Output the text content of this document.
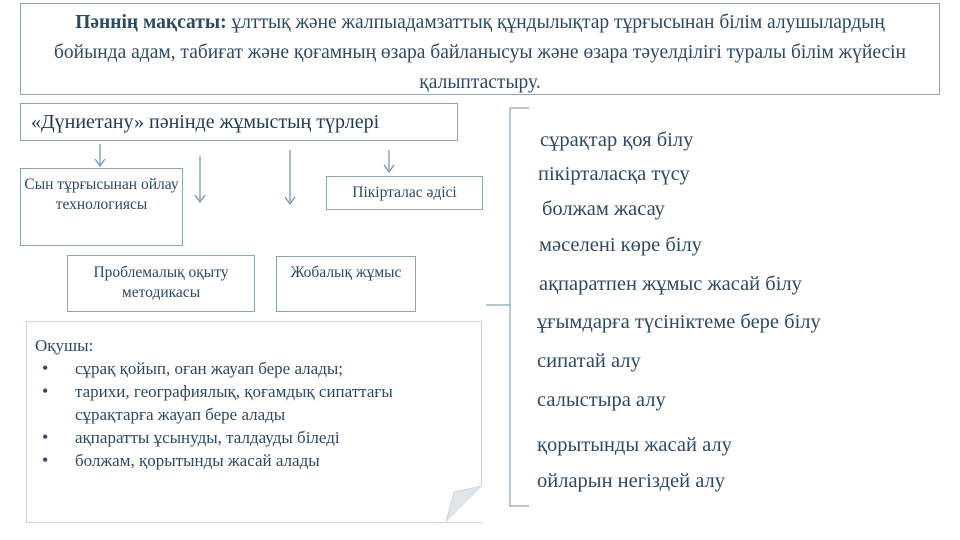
Пәннің мақсаты: ұлттық және жалпыадамзаттық құндылықтар тұрғысынан білім алушылардың бойында адам, табиғат және қоғамның өзара байланысуы және өзара тәуелділігі туралы білім жүйесін қалыптастыру.
«Дүниетану» пәнінде жұмыстың түрлері
Сын тұрғысынан ойлау технологиясы
Пікірталас әдісі
Проблемалық оқыту методикасы
Жобалық жұмыс
Оқушы:
• сұрақ қойып, оған жауап бере алады;
• тарихи, географиялық, қоғамдық сипаттағы сұрақтарға жауап бере алады
• ақпаратты ұсынуды, талдауды біледі
• болжам, қорытынды жасай алады
сұрақтар қоя білу
пікірталасқа түсу
болжам жасау
мәселені көре білу
ақпаратпен жұмыс жасай білу
ұғымдарға түсініктеме бере білу
сипатай алу
салыстыра алу
қорытынды жасай алу
ойларын негіздей алу
